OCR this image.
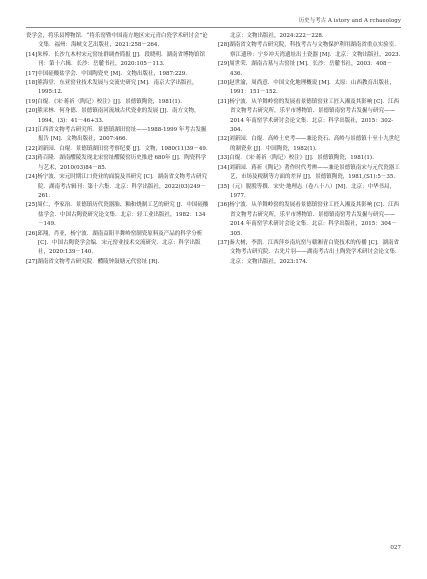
历史与考古 A istory and A rchaeology

瓷学会，将乐县博物馆．“将乐窑暨中国南方地区宋元青白瓷学术研讨会”论文集．福州：海峡文艺出版社，2021:258－264.

[14]朱棒．长沙九木村宋元窑址群调查简报 [J]．段晓明．湖南省博物馆馆刊：第十六辑．长沙：岳麓书社，2020:105－113.

[17]中国硅酸盐学会．中国陶瓷史 [M]．文物出版社，1987:229.

[18]熊海堂．东亚窑业技术发展与交流史研究 [M]．南京大学出版社，1995:12.

[19]白焜．《宋·蒋祈〈陶记〉校注》[J]．景德镇陶瓷，1981(1).

[20]熊采林．何身德．景德镇南河流域古代瓷业的发展 [J]．南方文物，1994，(3)：41－46+33.

[21]江西省文物考古研究所．景德镇湖田窑址——1988-1999 年考古发掘报告 [M]．文物出版社，2007:466.

[22]刘新园．白焜．景德镇湖田窑考察纪要 [J]．文物，1980(11)39－49.

[23]蒋百隆．湖南醴陵发现北宋窑址醴陵窑历史推进 680年 [J]．陶瓷科学与艺术，2010(03)84－85.

[24]杨宁波．宋元时期江口瓷业的面貌及其研究 [C]．湖南省文物考古研究院．湖南考古辑刊：第十六集．北京：科学出版社，2022(03)249－261.

[25]周仁，李家治．景德镇历代瓷器胎、釉和烧制工艺的研究 [J．中国硅酸盐学会．中国古陶瓷研究论文集．北京：轻工业出版社，1982：134－149.

[26]邱翔，肖亚，杨宁波．湖南益阳羊舞岭窑制瓷原料及产品的科学分析 [C]．中国古陶瓷学会编．宋元窑业技术交流研究．北京：科学出版社，2020:139－140.

[27]湖南省文物考古研究院．醴陵钟鼓塘元代窑址 [R]．

北京：文物出版社，2024:222－228.

[28]湖南省文物考古研究院，科技考古与文物保护利用湖南省重点实验室．察江遗珍：宁乡冲天湾遗址出土瓷器 [M]．北京：文物出版社，2023.

[29]周世荣．湖南古墓与古窑址 [M]．长沙：岳麓书社，2003：408－436.

[30]赵世渝，周尚意．中国文化地理概说 [M]．太原：山西教育出版社，1991：151－152.

[31]杨宁波．从羊舞岭窑的发展看景德镇窑业工匠入湘及其影响 [C]．江西省文物考古研究所，乐平市博物馆．景德镇南窑考古发掘与研究——2014 年南窑学术研讨会论文集．北京：科学出版社，2015：302-304.

[32]刘新园．白焜．高岭土史考——兼论瓷石、高岭与景德镇十至十九世纪的制瓷业 [J]．中国陶瓷，1982(1).

[33]白焜．《宋·蒋祈〈陶记〉校注》[J]．景德镇陶瓷，1981(1).

[34]刘新园．蒋祈《陶记》著作时代考辨——兼论景德镇南宋与元代瓷器工艺、市场及税制等方面的差异 [J]．景德镇陶瓷，1981,(S1):5－35.

[35]（元）脱脱等撰．宋史·地理志（卷八十八）[M]．北京：中华书局，1977.

[36]杨宁波．从羊舞岭窑的发展看景德镇窑业工匠入湘及其影响 [C]．江西省文物考古研究所，乐平市博物馆．景德镇南窑考古发掘与研究——2014 年南窑学术研讨会论文集．北京：科学出版社，2015：304－305.

[37]秦大树，李凯．江西萍乡南坑窑与赣湘青白瓷技术的传播 [C]．湖南省文物考古研究院．古先片羽——湖南考古出土陶瓷学术研讨会论文集．北京：文物出版社，2023:174.

027
